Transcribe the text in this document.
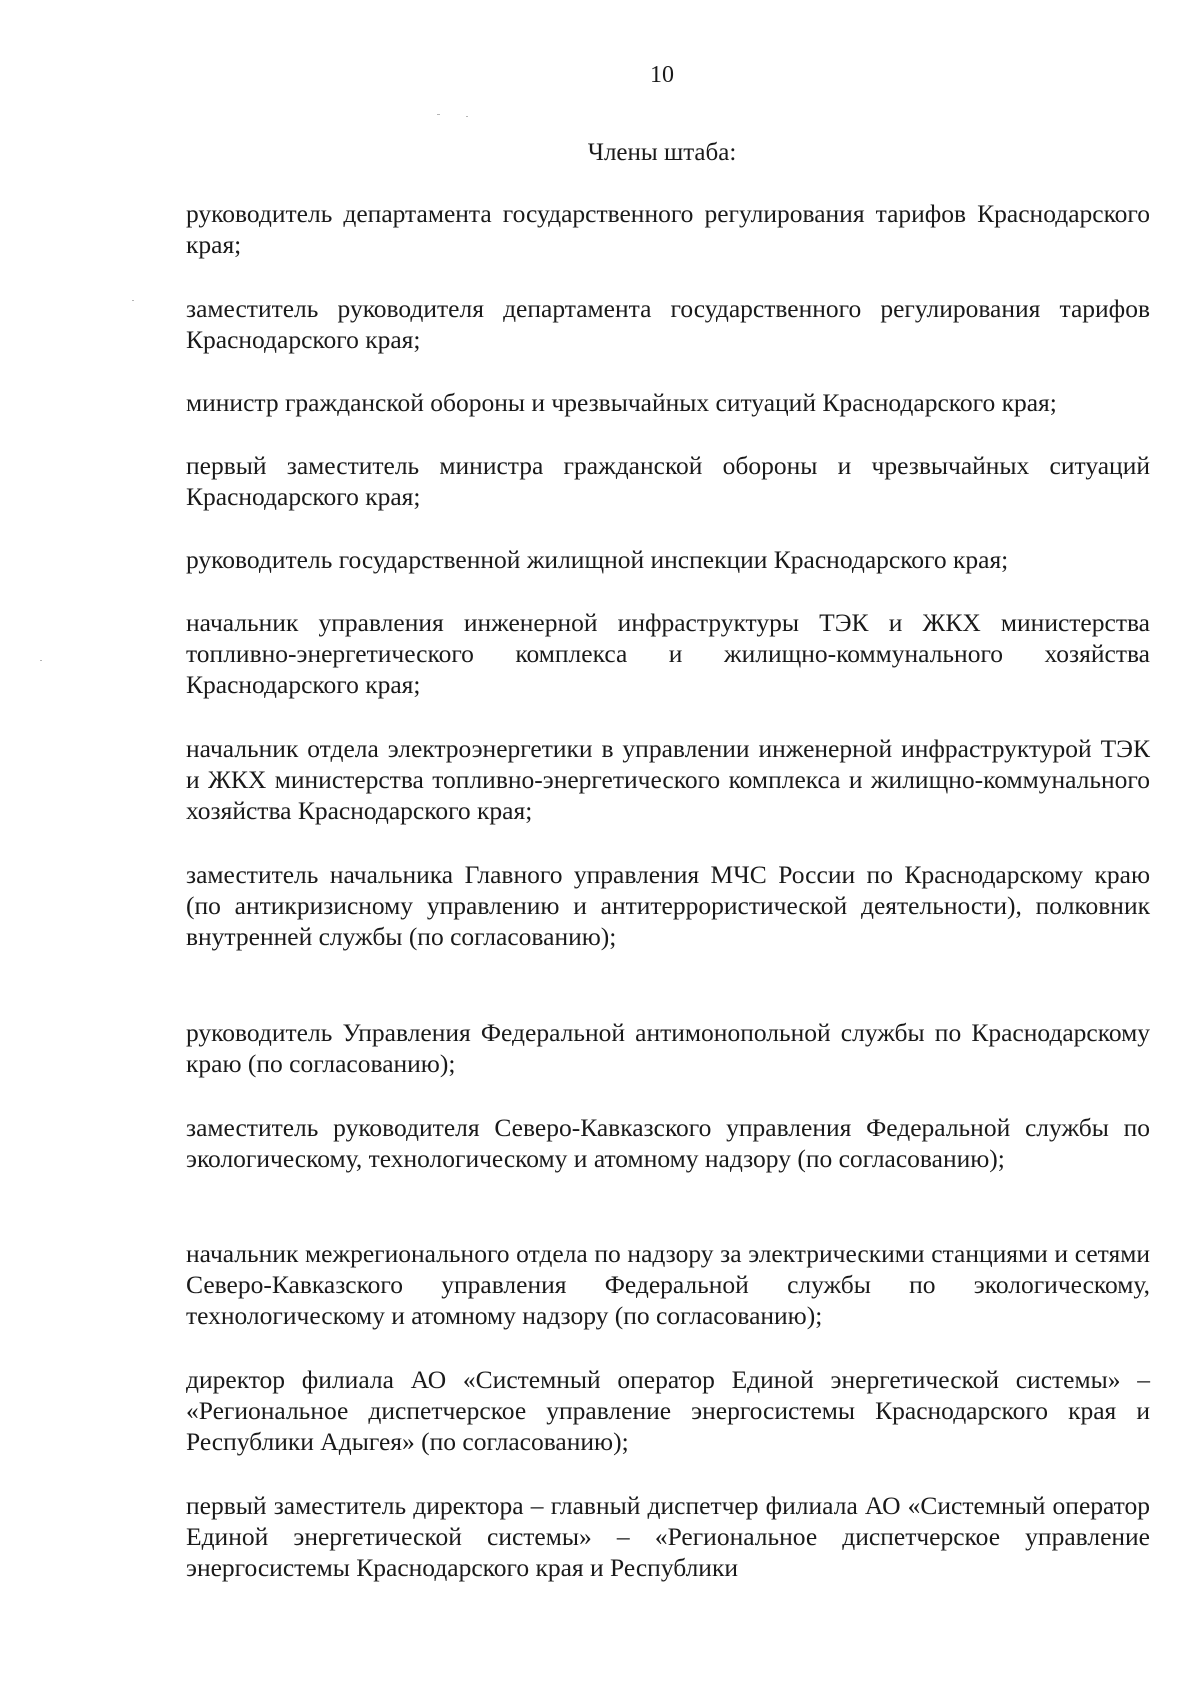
10
Члены штаба:
руководитель департамента государственного регулирования тарифов Краснодарского края;
заместитель руководителя департамента государственного регулирования тарифов Краснодарского края;
министр гражданской обороны и чрезвычайных ситуаций Краснодарского края;
первый заместитель министра гражданской обороны и чрезвычайных ситуаций Краснодарского края;
руководитель государственной жилищной инспекции Краснодарского края;
начальник управления инженерной инфраструктуры ТЭК и ЖКХ министерства топливно-энергетического комплекса и жилищно-коммунального хозяйства Краснодарского края;
начальник отдела электроэнергетики в управлении инженерной инфраструктурой ТЭК и ЖКХ министерства топливно-энергетического комплекса и жилищно-коммунального хозяйства Краснодарского края;
заместитель начальника Главного управления МЧС России по Краснодарскому краю (по антикризисному управлению и антитеррористической деятельности), полковник внутренней службы (по согласованию);
руководитель Управления Федеральной антимонопольной службы по Краснодарскому краю (по согласованию);
заместитель руководителя Северо-Кавказского управления Федеральной службы по экологическому, технологическому и атомному надзору (по согласованию);
начальник межрегионального отдела по надзору за электрическими станциями и сетями Северо-Кавказского управления Федеральной службы по экологическому, технологическому и атомному надзору (по согласованию);
директор филиала АО «Системный оператор Единой энергетической системы» – «Региональное диспетчерское управление энергосистемы Краснодарского края и Республики Адыгея» (по согласованию);
первый заместитель директора – главный диспетчер филиала АО «Системный оператор Единой энергетической системы» – «Региональное диспетчерское управление энергосистемы Краснодарского края и Республики
